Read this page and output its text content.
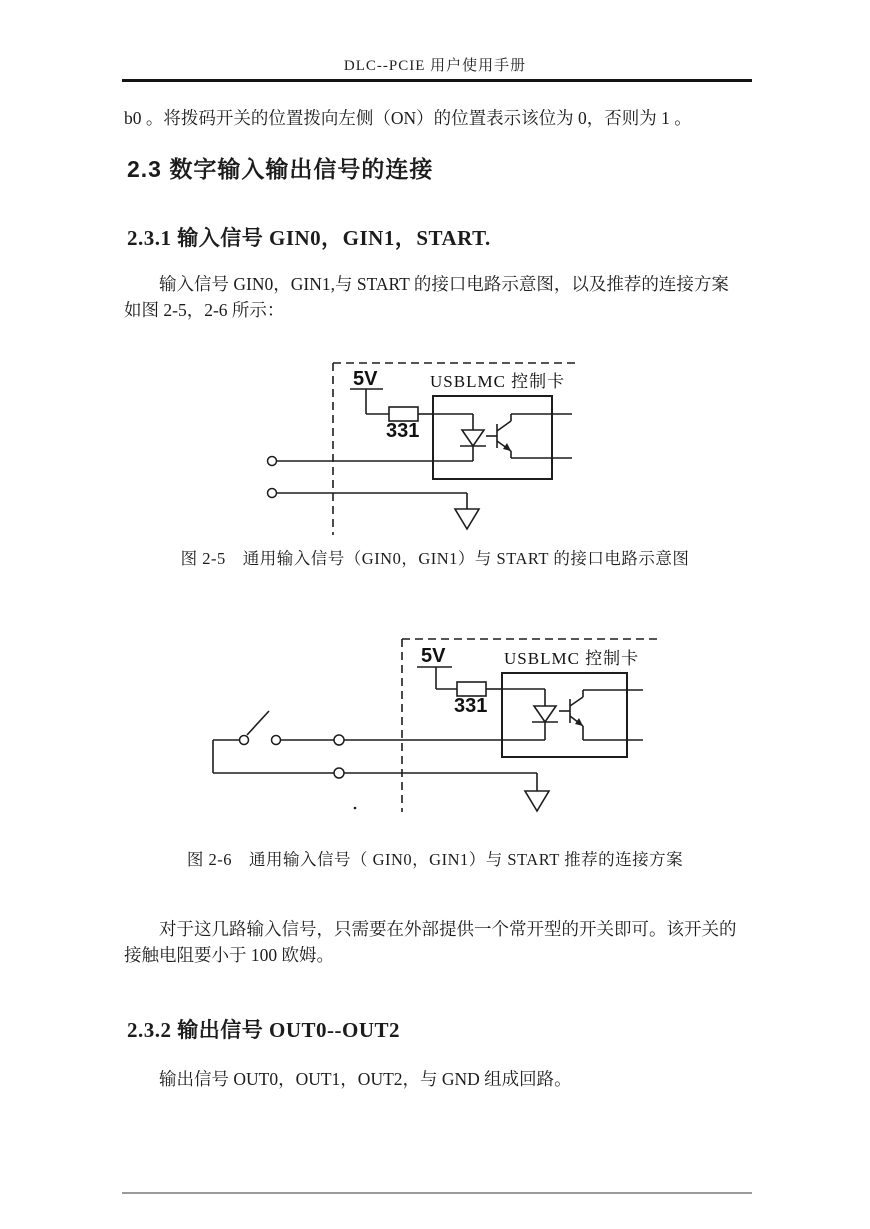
DLC--PCIE 用户使用手册
b0 。将拨码开关的位置拨向左侧（ON）的位置表示该位为 0，否则为 1 。
2.3 数字输入输出信号的连接
2.3.1 输入信号 GIN0，GIN1，START.

输入信号 GIN0，GIN1,与 START 的接口电路示意图，以及推荐的连接方案如图 2-5，2-6 所示：

5V
331
USBLMC 控制卡
图 2-5　通用输入信号（GIN0，GIN1）与 START 的接口电路示意图
5V
331
USBLMC 控制卡
图 2-6　通用输入信号（ GIN0，GIN1）与 START 推荐的连接方案

对于这几路输入信号，只需要在外部提供一个常开型的开关即可。该开关的接触电阻要小于 100 欧姆。

2.3.2 输出信号 OUT0--OUT2

输出信号 OUT0，OUT1，OUT2，与 GND 组成回路。
